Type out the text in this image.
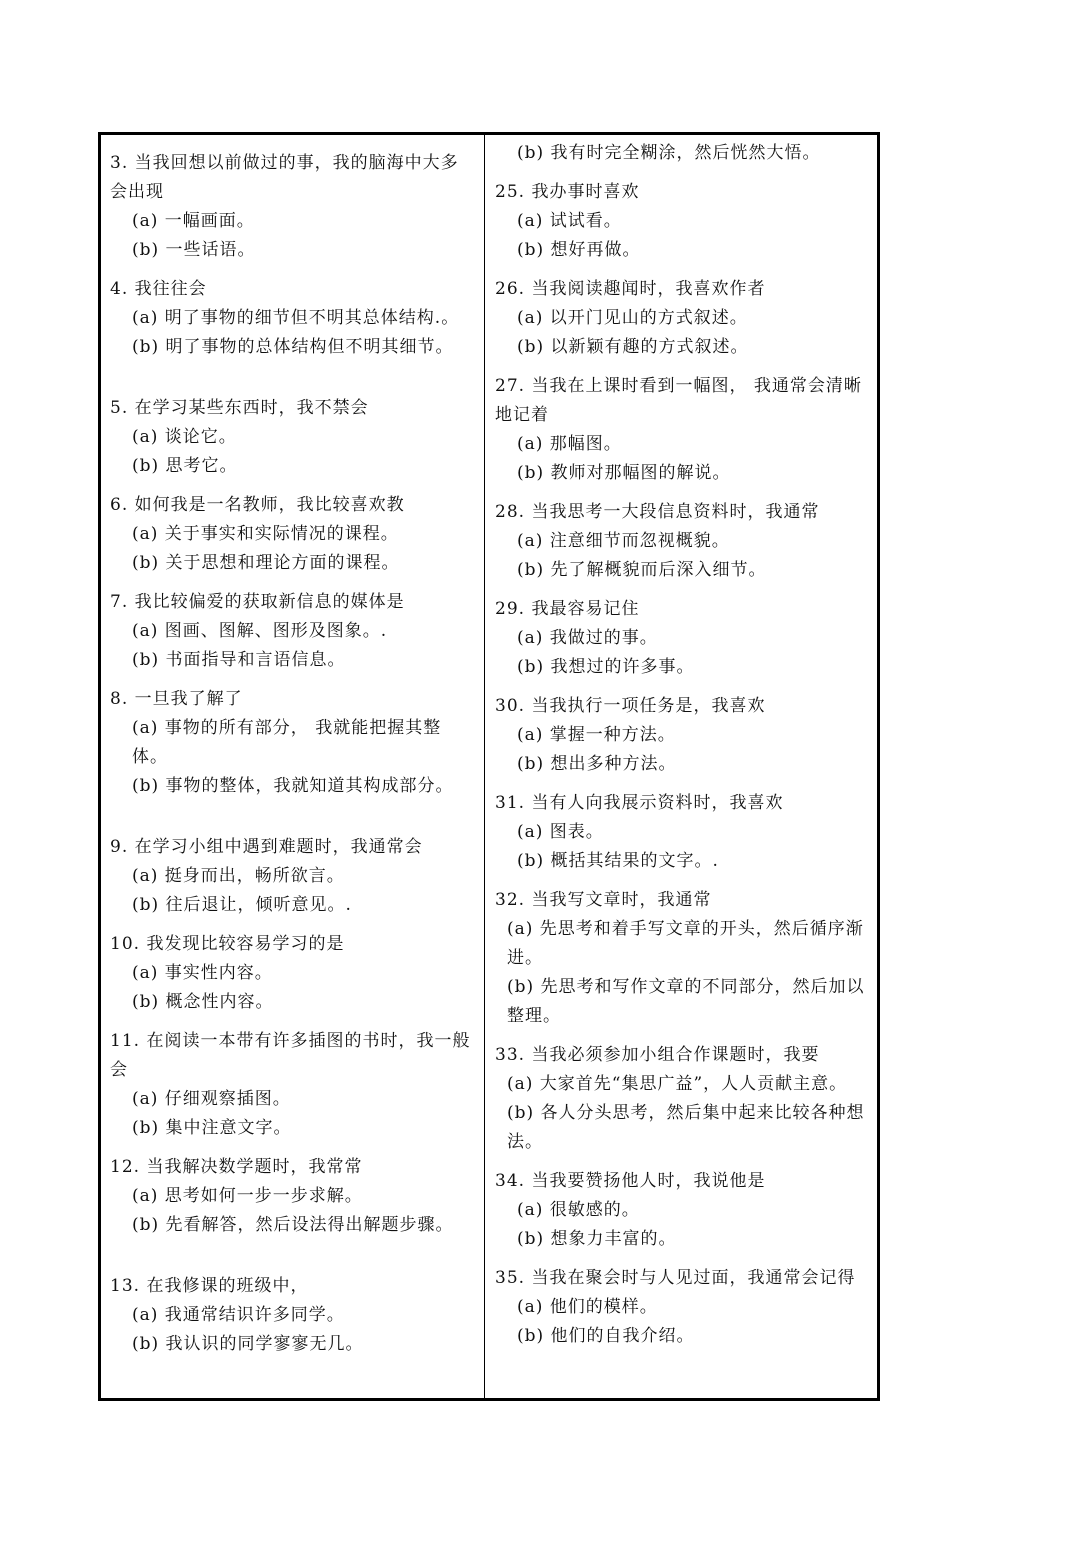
3. 当我回想以前做过的事，我的脑海中大多会出现

(a) 一幅画面。

(b) 一些话语。

4. 我往往会

(a) 明了事物的细节但不明其总体结构.。

(b) 明了事物的总体结构但不明其细节。

5. 在学习某些东西时，我不禁会

(a) 谈论它。

(b) 思考它。

6. 如何我是一名教师，我比较喜欢教

(a) 关于事实和实际情况的课程。

(b) 关于思想和理论方面的课程。

7. 我比较偏爱的获取新信息的媒体是

(a) 图画、图解、图形及图象。.

(b) 书面指导和言语信息。

8. 一旦我了解了

(a) 事物的所有部分， 我就能把握其整体。

(b) 事物的整体，我就知道其构成部分。

9. 在学习小组中遇到难题时，我通常会

(a) 挺身而出，畅所欲言。

(b) 往后退让，倾听意见。.

10. 我发现比较容易学习的是

(a) 事实性内容。

(b) 概念性内容。

11. 在阅读一本带有许多插图的书时，我一般会

(a) 仔细观察插图。

(b) 集中注意文字。

12. 当我解决数学题时，我常常

(a) 思考如何一步一步求解。

(b) 先看解答，然后设法得出解题步骤。

13. 在我修课的班级中，

(a) 我通常结识许多同学。

(b) 我认识的同学寥寥无几。

(b) 我有时完全糊涂，然后恍然大悟。

25. 我办事时喜欢

(a) 试试看。

(b) 想好再做。

26. 当我阅读趣闻时，我喜欢作者

(a) 以开门见山的方式叙述。

(b) 以新颖有趣的方式叙述。

27. 当我在上课时看到一幅图， 我通常会清晰地记着

(a) 那幅图。

(b) 教师对那幅图的解说。

28. 当我思考一大段信息资料时，我通常

(a) 注意细节而忽视概貌。

(b) 先了解概貌而后深入细节。

29. 我最容易记住

(a) 我做过的事。

(b) 我想过的许多事。

30. 当我执行一项任务是，我喜欢

(a) 掌握一种方法。

(b) 想出多种方法。

31. 当有人向我展示资料时，我喜欢

(a) 图表。

(b) 概括其结果的文字。.

32. 当我写文章时，我通常

(a) 先思考和着手写文章的开头，然后循序渐进。

(b) 先思考和写作文章的不同部分，然后加以整理。

33. 当我必须参加小组合作课题时，我要

(a) 大家首先“集思广益”，人人贡献主意。

(b) 各人分头思考，然后集中起来比较各种想法。

34. 当我要赞扬他人时，我说他是

(a) 很敏感的。

(b) 想象力丰富的。

35. 当我在聚会时与人见过面，我通常会记得

(a) 他们的模样。

(b) 他们的自我介绍。
